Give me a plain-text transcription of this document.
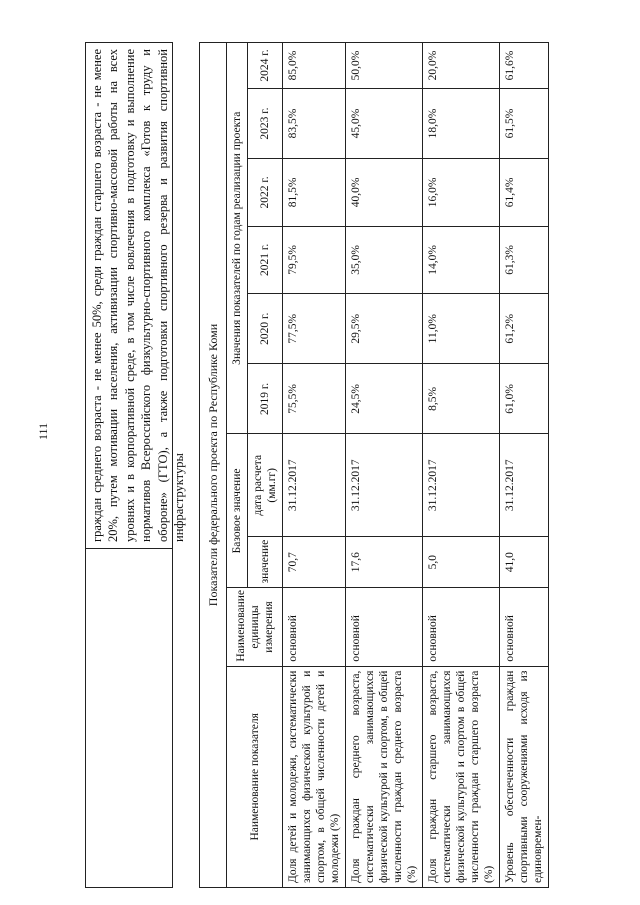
111	граждан среднего возраста - не менее 50%, среди граждан старшего возраста - не менее 20%, путем мотивации населения, активизации спортивно-массовой работы на всех уровнях и в корпоративной среде, в том числе вовлечения в подготовку и выполнение нормативов Всероссийского физкультурно-спортивного комплекса «Готов к труду и обороне» (ГТО), а также подготовки спортивного резерва и развития спортивной инфраструктуры Показатели федерального проекта по Республике Коми									
Наименование показателя	Наименование единицы измерения	Базовое значение		Значения показателей по годам реализации проекта					
		значение	дата расчета (мм.гг)	2019 г.	2020 г.	2021 г.	2022 г.	2023 г.	2024 г.
Доля детей и молодежи, систематически занимающихся физической культурой и спортом, в общей численности детей и молодежи (%)	основной	70,7	31.12.2017	75,5%	77,5%	79,5%	81,5%	83,5%	85,0%
Доля граждан среднего возраста, систематически занимающихся физической культурой и спортом, в общей численности граждан среднего возраста (%)	основной	17,6	31.12.2017	24,5%	29,5%	35,0%	40,0%	45,0%	50,0%
Доля граждан старшего возраста, систематически занимающихся физической культурой и спортом в общей численности граждан старшего возраста (%)	основной	5,0	31.12.2017	8,5%	11,0%	14,0%	16,0%	18,0%	20,0%
Уровень обеспеченности граждан спортивными сооружениями исходя из единовремен-	основной	41,0	31.12.2017	61,0%	61,2%	61,3%	61,4%	61,5%	61,6%
